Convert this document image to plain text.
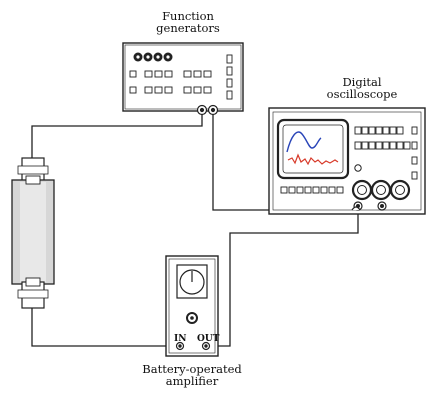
IN OUT
Function
generators
Digital
oscilloscope
Battery-operated
amplifier
